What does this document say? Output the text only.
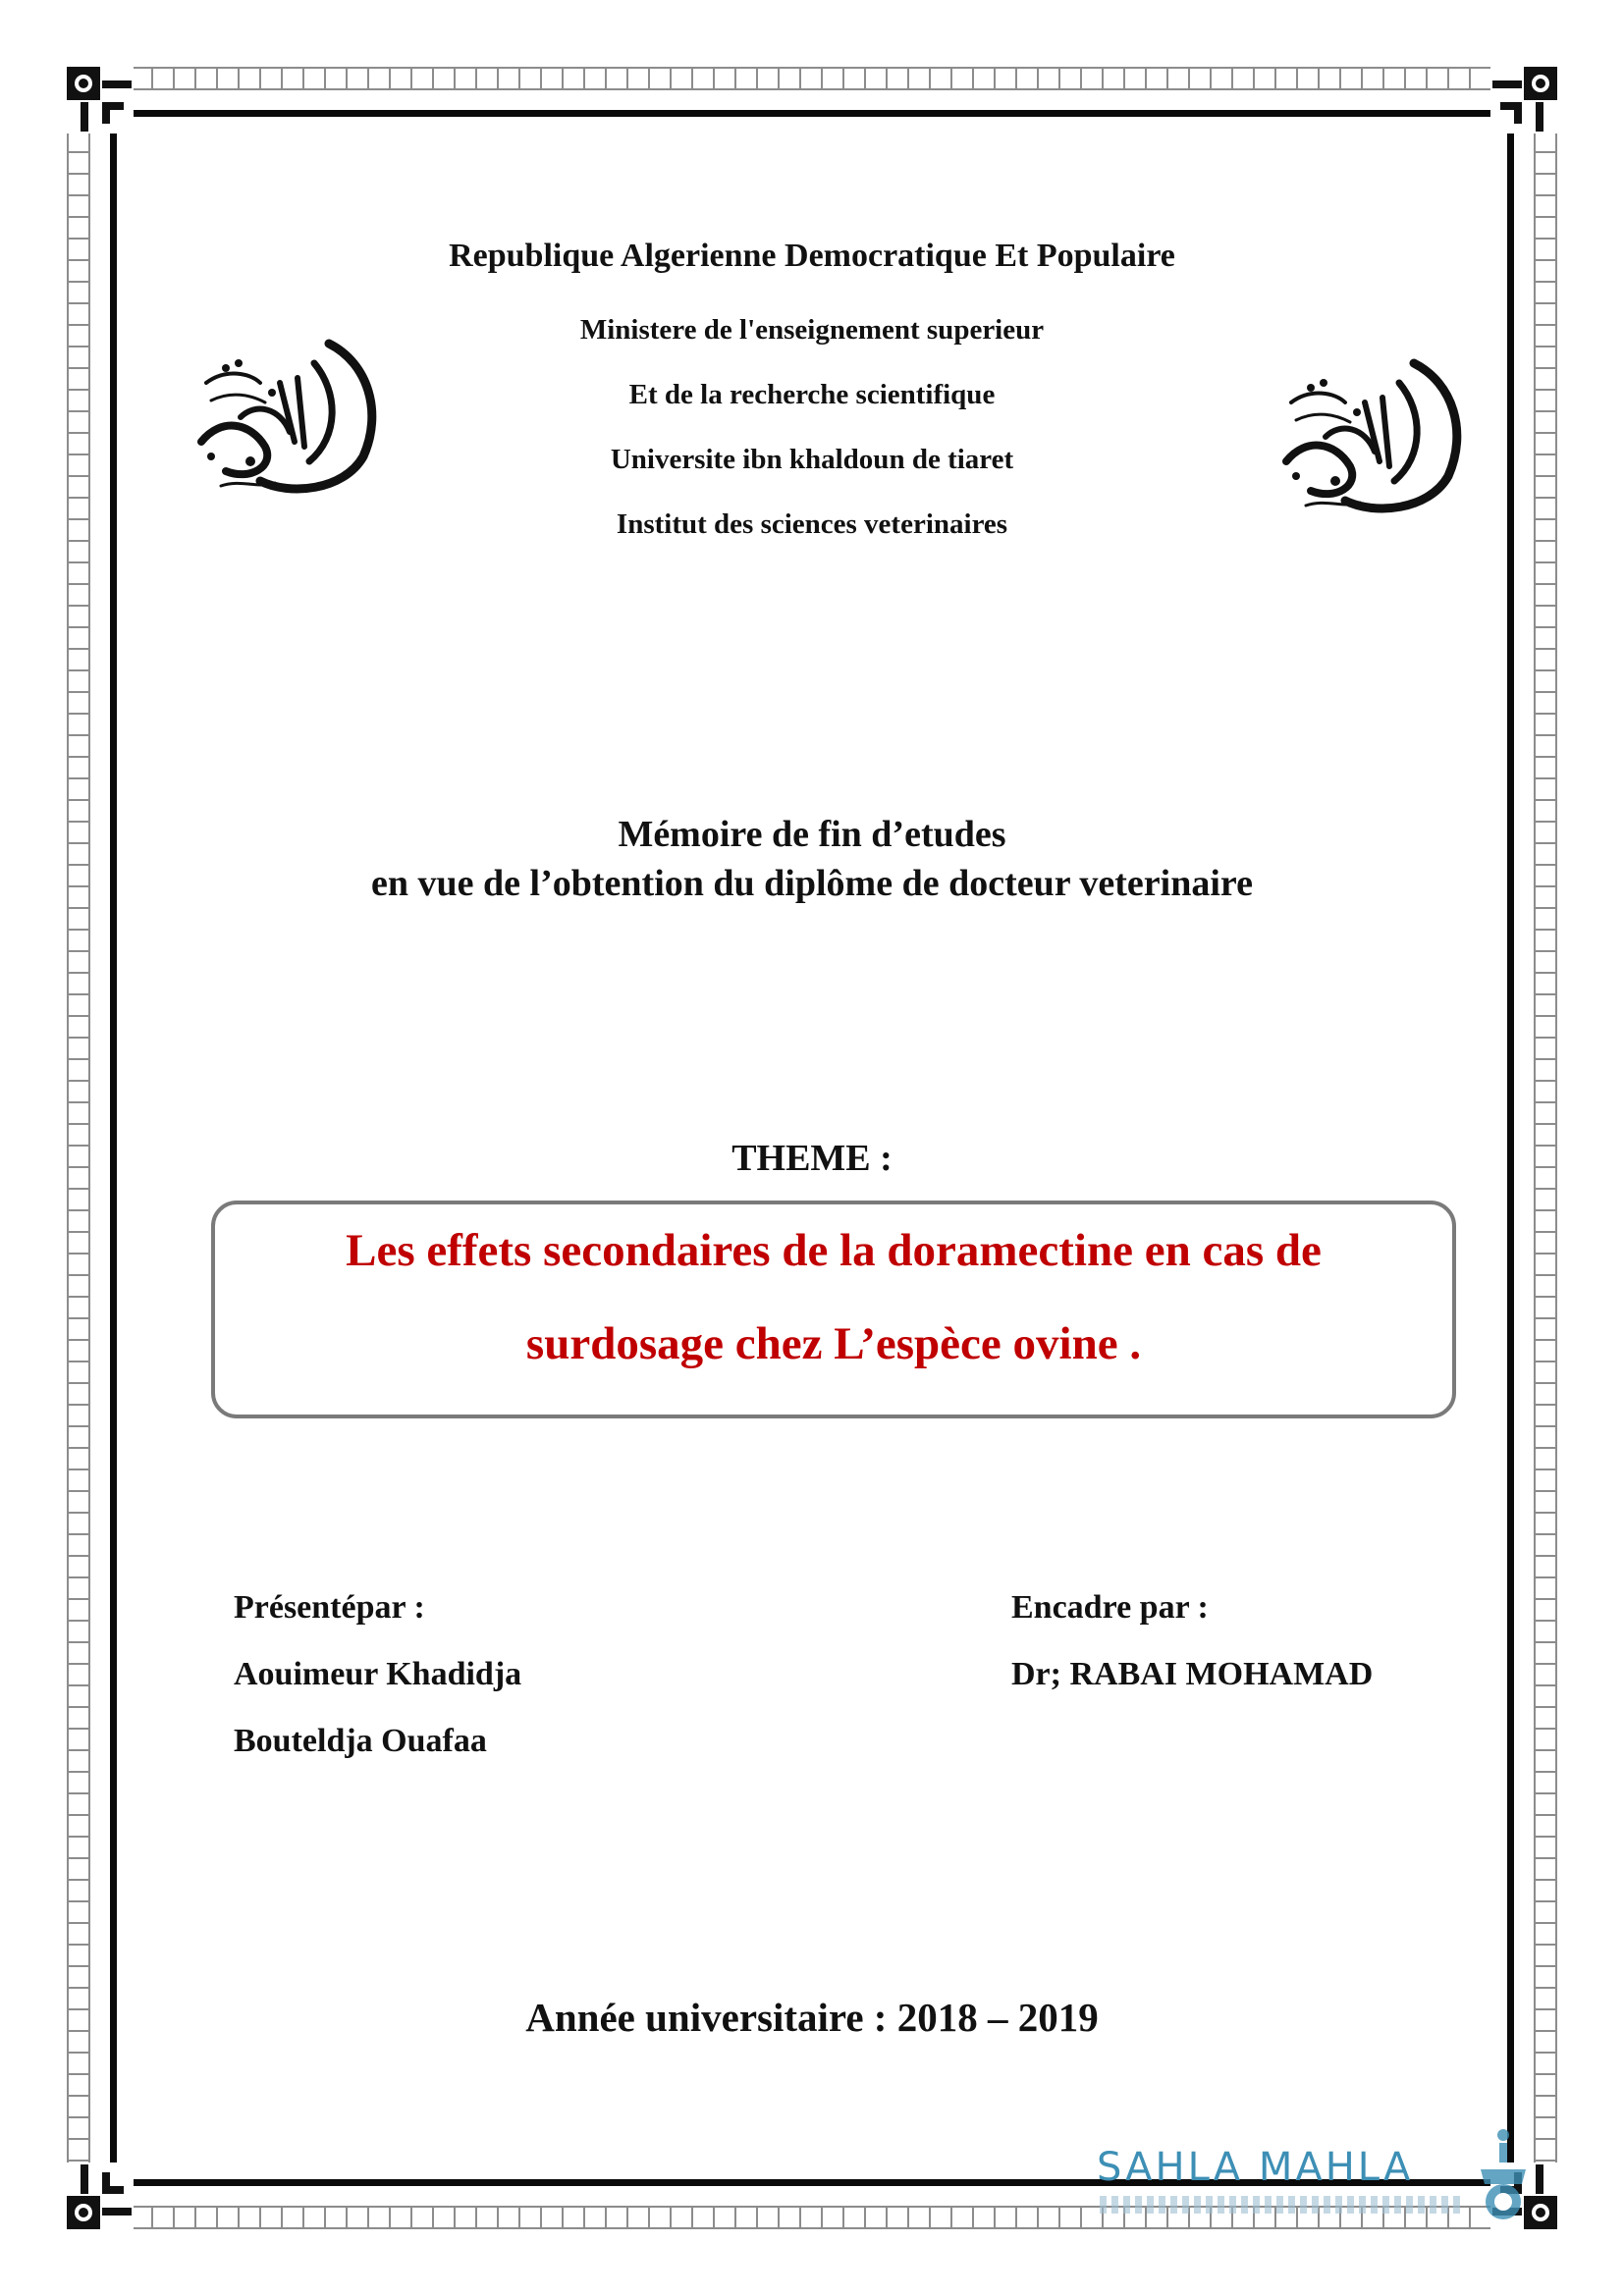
Republique Algerienne Democratique Et Populaire
Ministere de l'enseignement superieur
Et de la recherche scientifique
Universite ibn khaldoun de tiaret
Institut des sciences veterinaires
Mémoire de fin d’etudes
en vue de l’obtention du diplôme de docteur veterinaire
THEME :
Les effets secondaires de la doramectine en cas de
surdosage chez L’espèce ovine .
Présentépar :
Aouimeur Khadidja
Bouteldja Ouafaa
Encadre par :
Dr; RABAI MOHAMAD
Année universitaire : 2018 – 2019
SAHLA MAHLA
